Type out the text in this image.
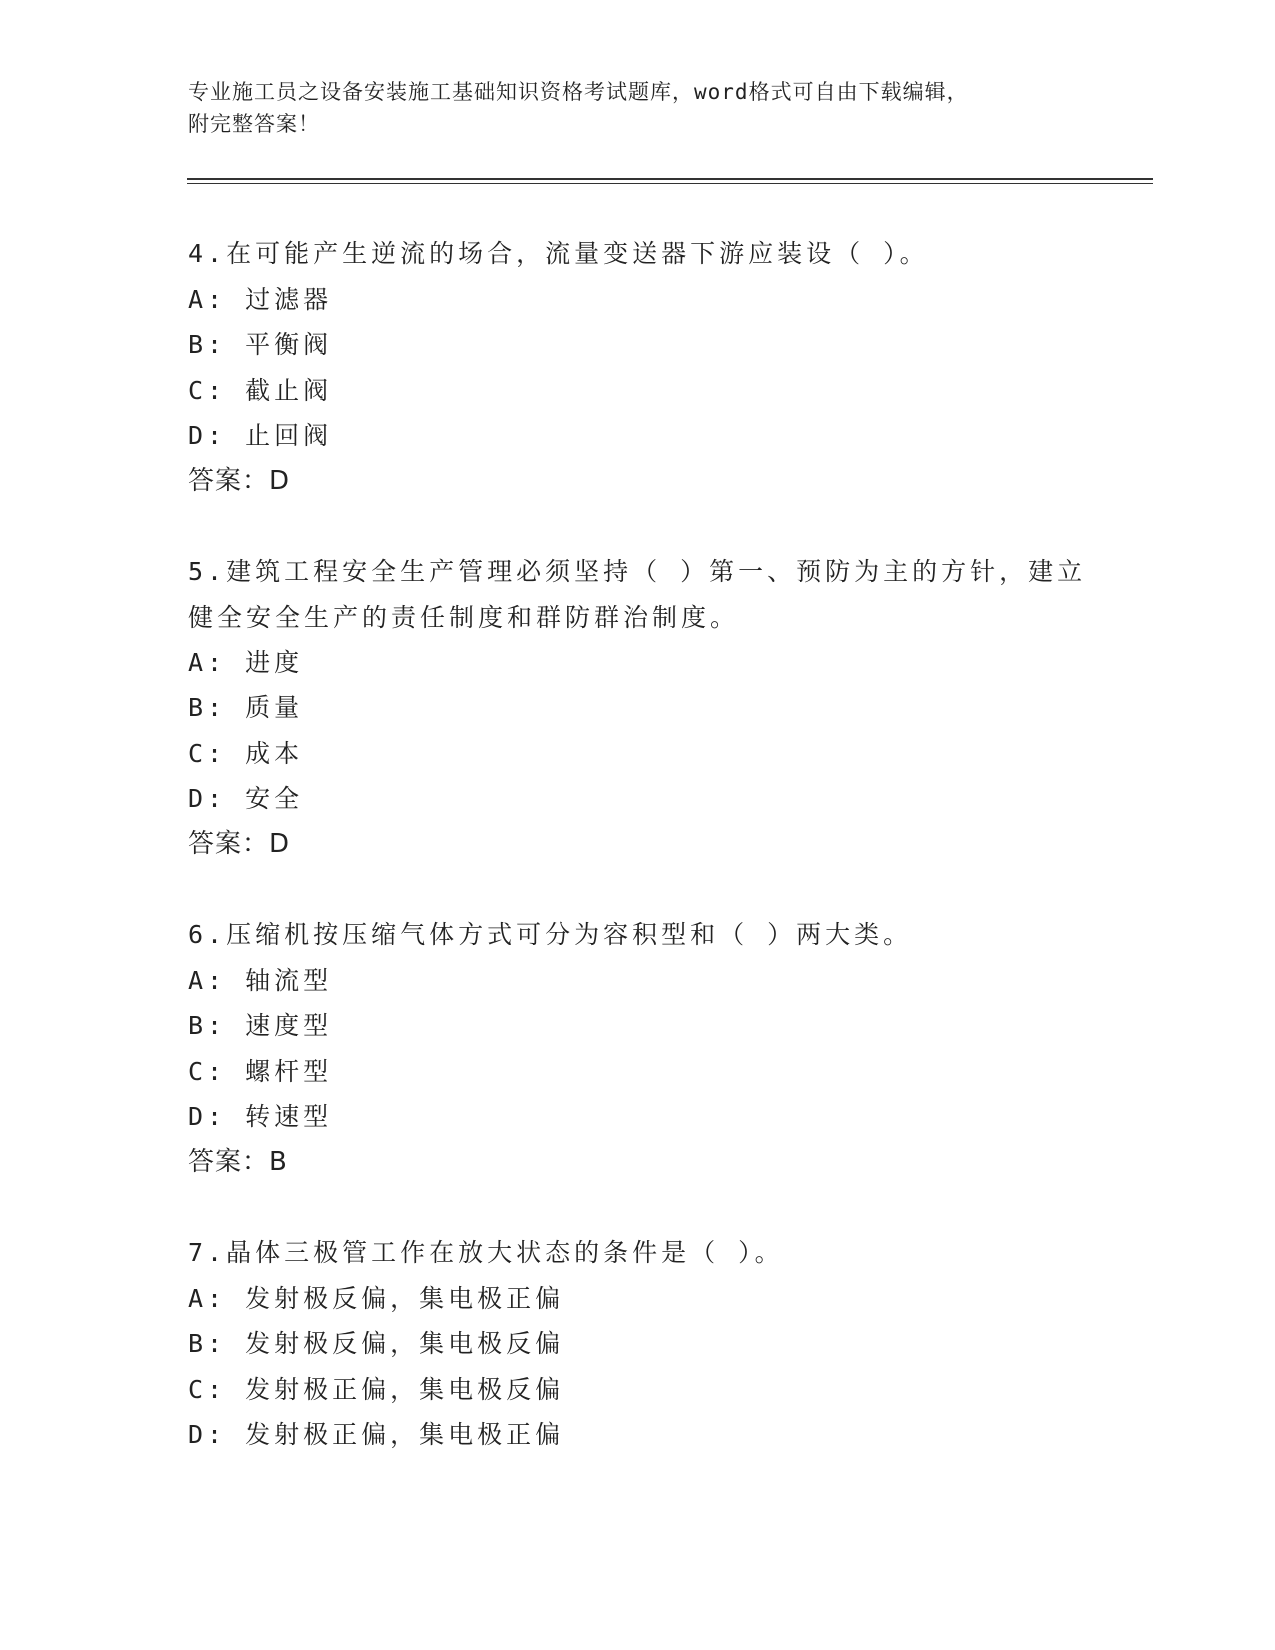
专业施工员之设备安装施工基础知识资格考试题库，word格式可自由下载编辑，
附完整答案！
4.在可能产生逆流的场合，流量变送器下游应装设（ ）。
A: 过滤器
B: 平衡阀
C: 截止阀
D: 止回阀
答案：D
5.建筑工程安全生产管理必须坚持（ ）第一、预防为主的方针，建立
健全安全生产的责任制度和群防群治制度。
A: 进度
B: 质量
C: 成本
D: 安全
答案：D
6.压缩机按压缩气体方式可分为容积型和（ ）两大类。
A: 轴流型
B: 速度型
C: 螺杆型
D: 转速型
答案：B
7.晶体三极管工作在放大状态的条件是（ ）。
A: 发射极反偏，集电极正偏
B: 发射极反偏，集电极反偏
C: 发射极正偏，集电极反偏
D: 发射极正偏，集电极正偏
